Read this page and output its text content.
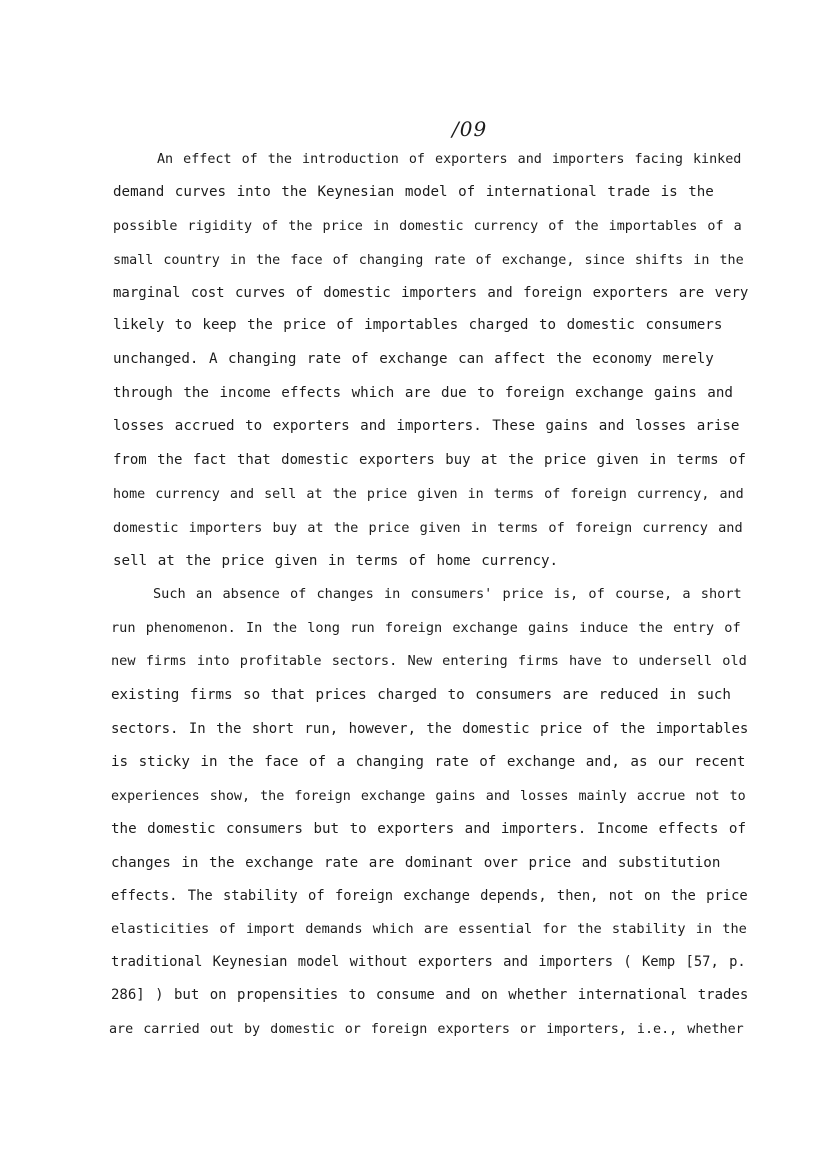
/09
An effect of the introduction of exporters and importers facing kinked
demand curves into the Keynesian model of international trade is the
possible rigidity of the price in domestic currency of the importables of a
small country in the face of changing rate of exchange, since shifts in the
marginal cost curves of domestic importers and foreign exporters are very
likely to keep the price of importables charged to domestic consumers
unchanged. A changing rate of exchange can affect the economy merely
through the income effects which are due to foreign exchange gains and
losses accrued to exporters and importers. These gains and losses arise
from the fact that domestic exporters buy at the price given in terms of
home currency and sell at the price given in terms of foreign currency, and
domestic importers buy at the price given in terms of foreign currency and
sell at the price given in terms of home currency.
Such an absence of changes in consumers' price is, of course, a short
run phenomenon. In the long run foreign exchange gains induce the entry of
new firms into profitable sectors. New entering firms have to undersell old
existing firms so that prices charged to consumers are reduced in such
sectors. In the short run, however, the domestic price of the importables
is sticky in the face of a changing rate of exchange and, as our recent
experiences show, the foreign exchange gains and losses mainly accrue not to
the domestic consumers but to exporters and importers. Income effects of
changes in the exchange rate are dominant over price and substitution
effects. The stability of foreign exchange depends, then, not on the price
elasticities of import demands which are essential for the stability in the
traditional Keynesian model without exporters and importers ( Kemp [57, p.
286] ) but on propensities to consume and on whether international trades
are carried out by domestic or foreign exporters or importers, i.e., whether
